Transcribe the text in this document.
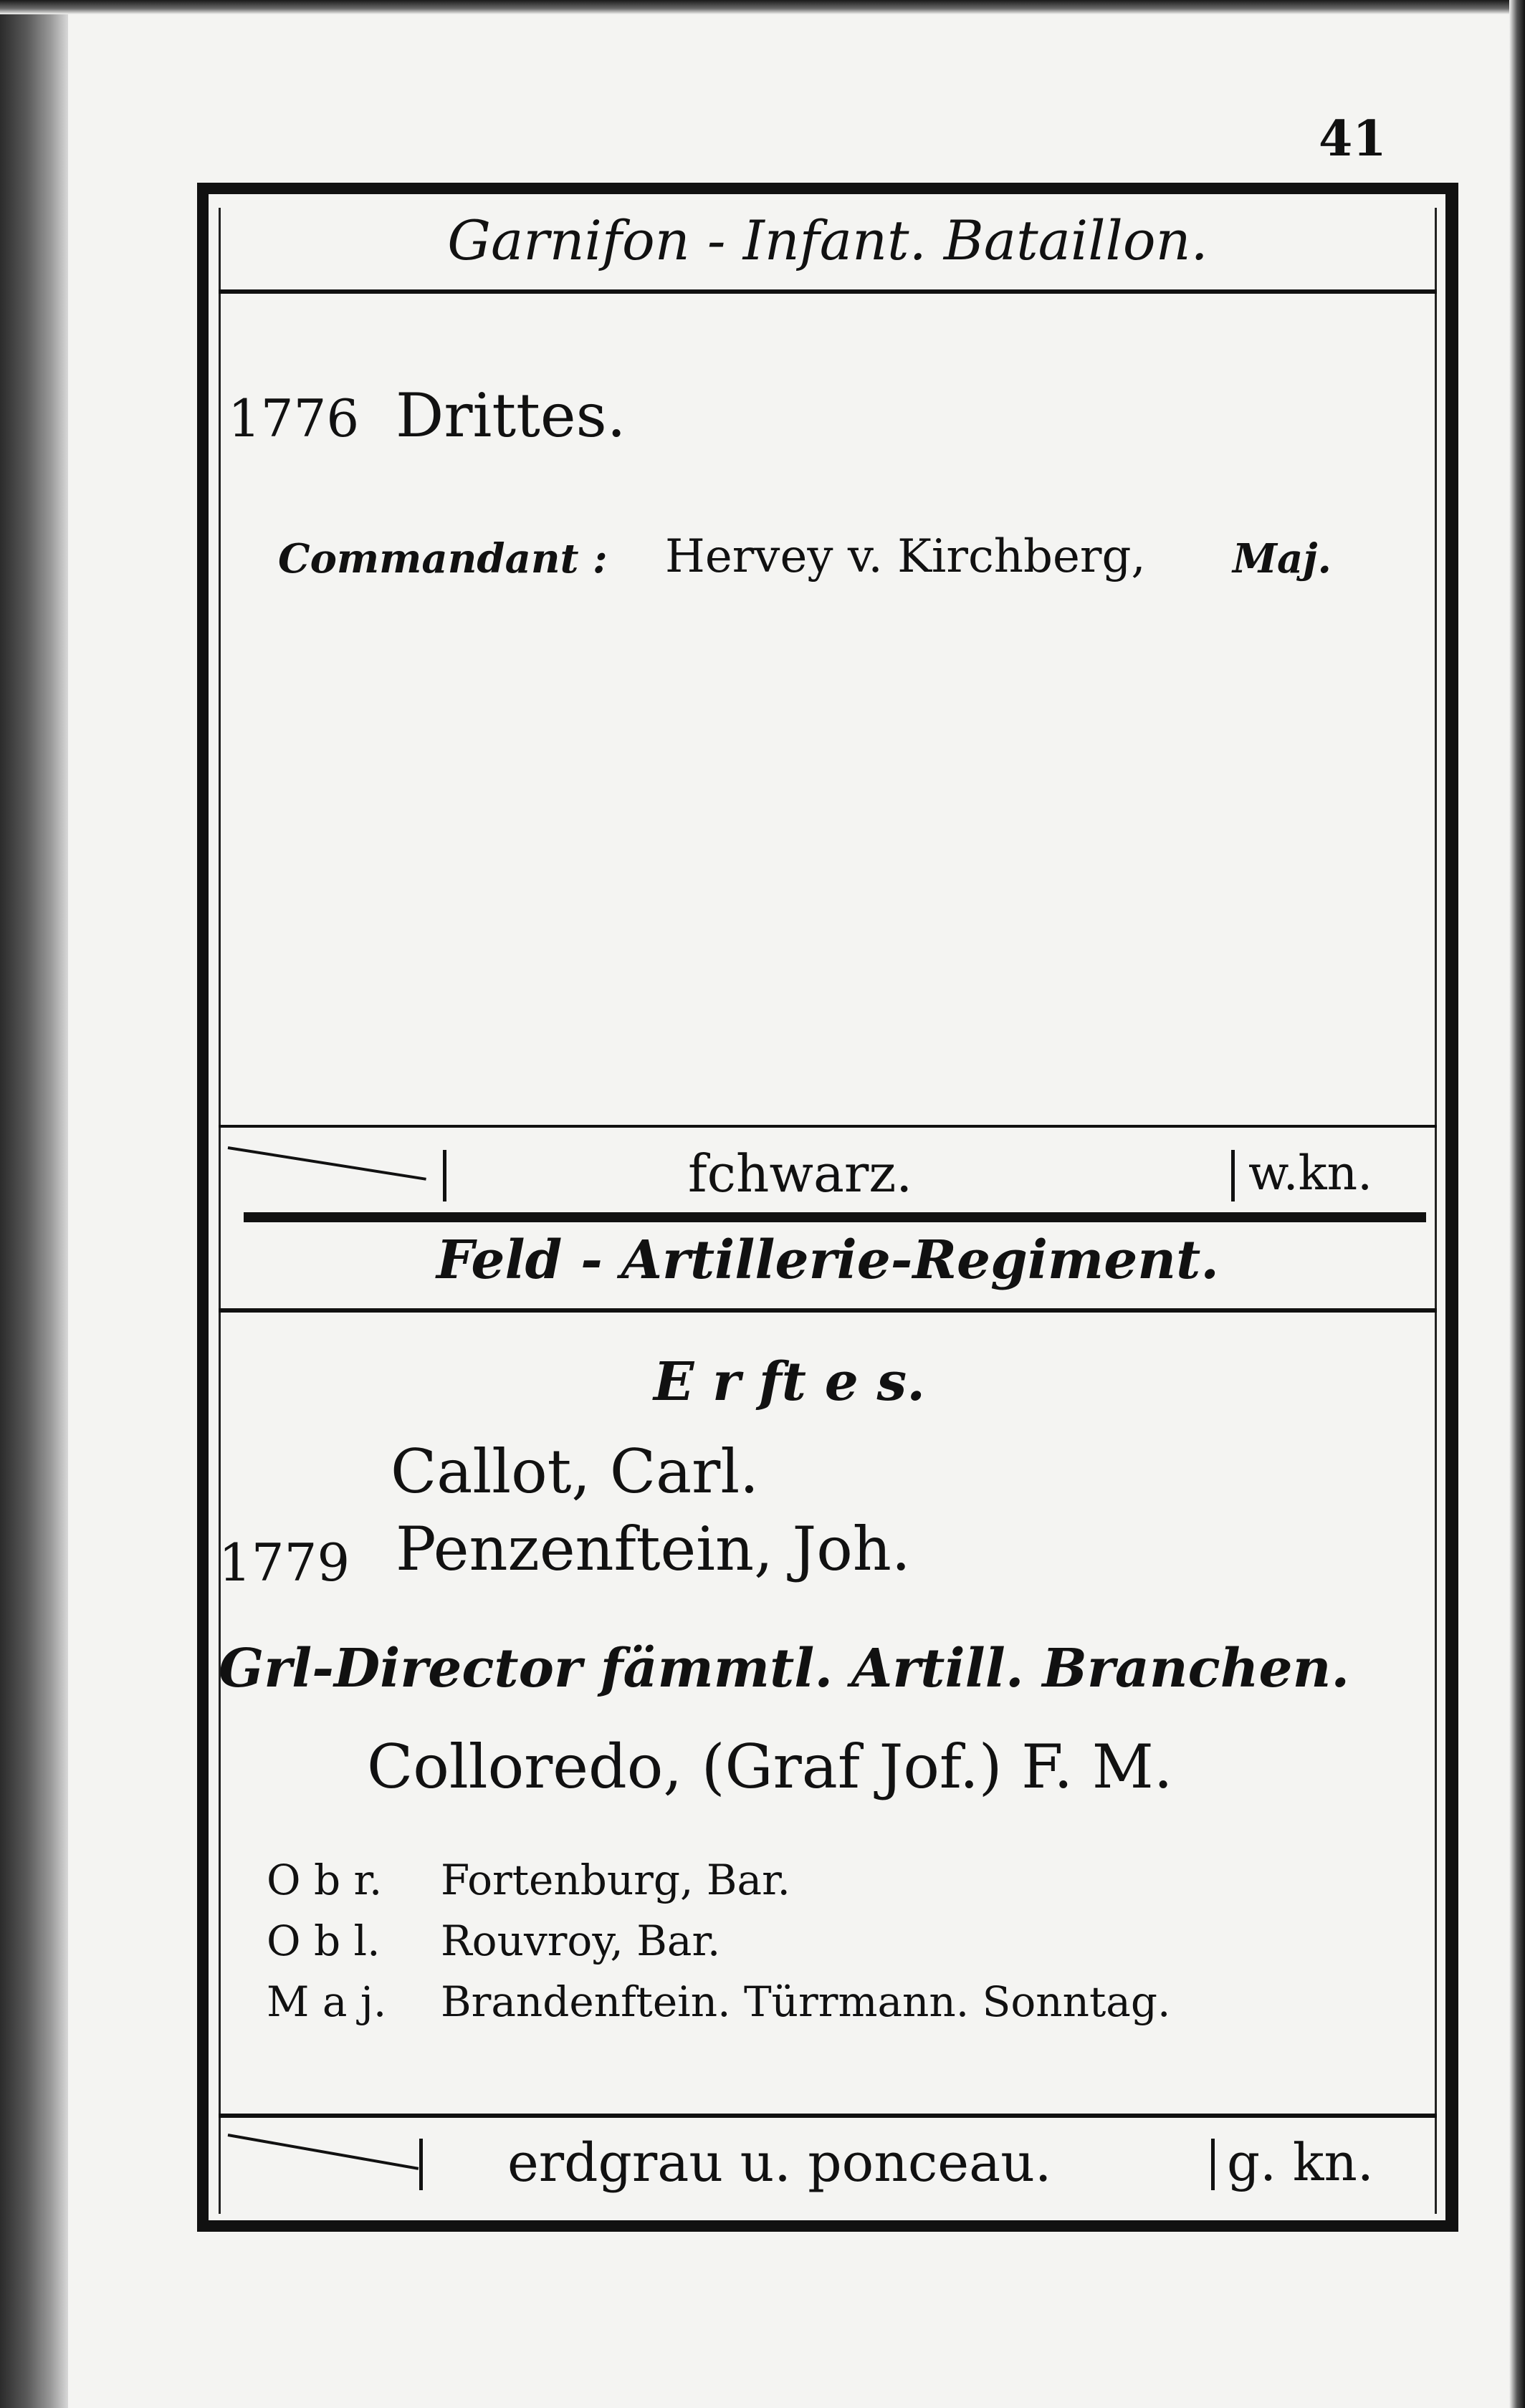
41

Garnifon - Infant. Bataillon.

1776 Drittes.

Commandant : Hervey v. Kirchberg, Maj.

fchwarz.	w.kn.

Feld - Artillerie-Regiment.

E r ft e s.

Callot, Carl.

1779 Penzenftein, Joh.

Grl-Director fämmtl. Artill. Branchen.

Colloredo, (Graf Jof.) F. M.

O b r. Fortenburg, Bar.

O b l. Rouvroy, Bar.

M a j. Brandenftein. Türrmann. Sonntag.

erdgrau u. ponceau.	g. kn.
